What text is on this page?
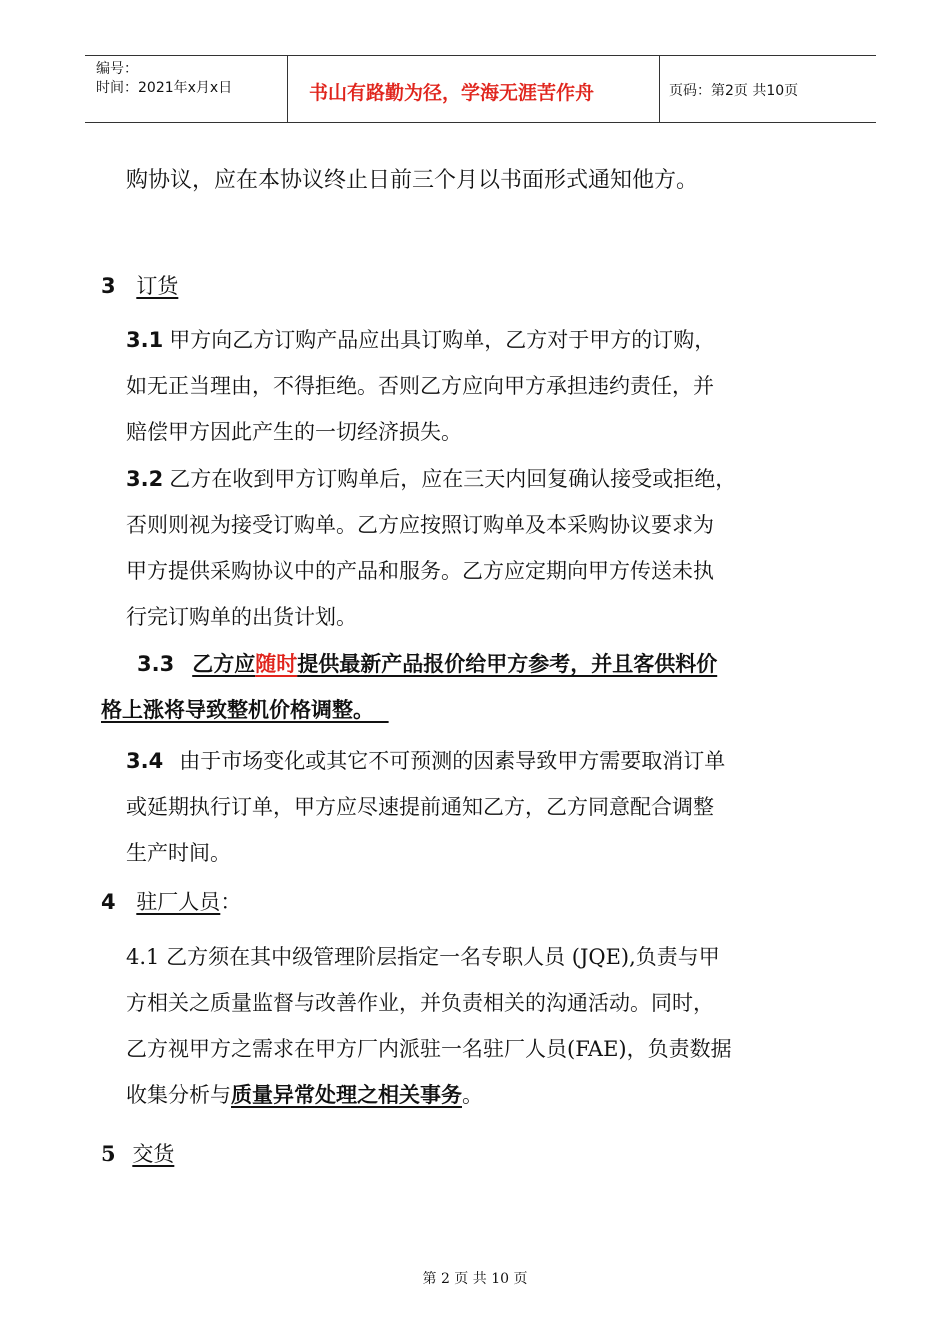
编号：
时间：2021年x月x日	书山有路勤为径，学海无涯苦作舟	页码：第2页 共10页
购协议，应在本协议终止日前三个月以书面形式通知他方。
3 订货
3.1 甲方向乙方订购产品应出具订购单，乙方对于甲方的订购，
如无正当理由，不得拒绝。否则乙方应向甲方承担违约责任，并
赔偿甲方因此产生的一切经济损失。
3.2 乙方在收到甲方订购单后，应在三天内回复确认接受或拒绝，
否则则视为接受订购单。乙方应按照订购单及本采购协议要求为
甲方提供采购协议中的产品和服务。乙方应定期向甲方传送未执
行完订购单的出货计划。
3.3 乙方应随时提供最新产品报价给甲方参考，并且客供料价
格上涨将导致整机价格调整。
3.4 由于市场变化或其它不可预测的因素导致甲方需要取消订单
或延期执行订单，甲方应尽速提前通知乙方，乙方同意配合调整
生产时间。
4 驻厂人员：
4.1 乙方须在其中级管理阶层指定一名专职人员 (JQE),负责与甲
方相关之质量监督与改善作业，并负责相关的沟通活动。同时，
乙方视甲方之需求在甲方厂内派驻一名驻厂人员(FAE)，负责数据
收集分析与质量异常处理之相关事务。
5 交货
第 2 页 共 10 页
